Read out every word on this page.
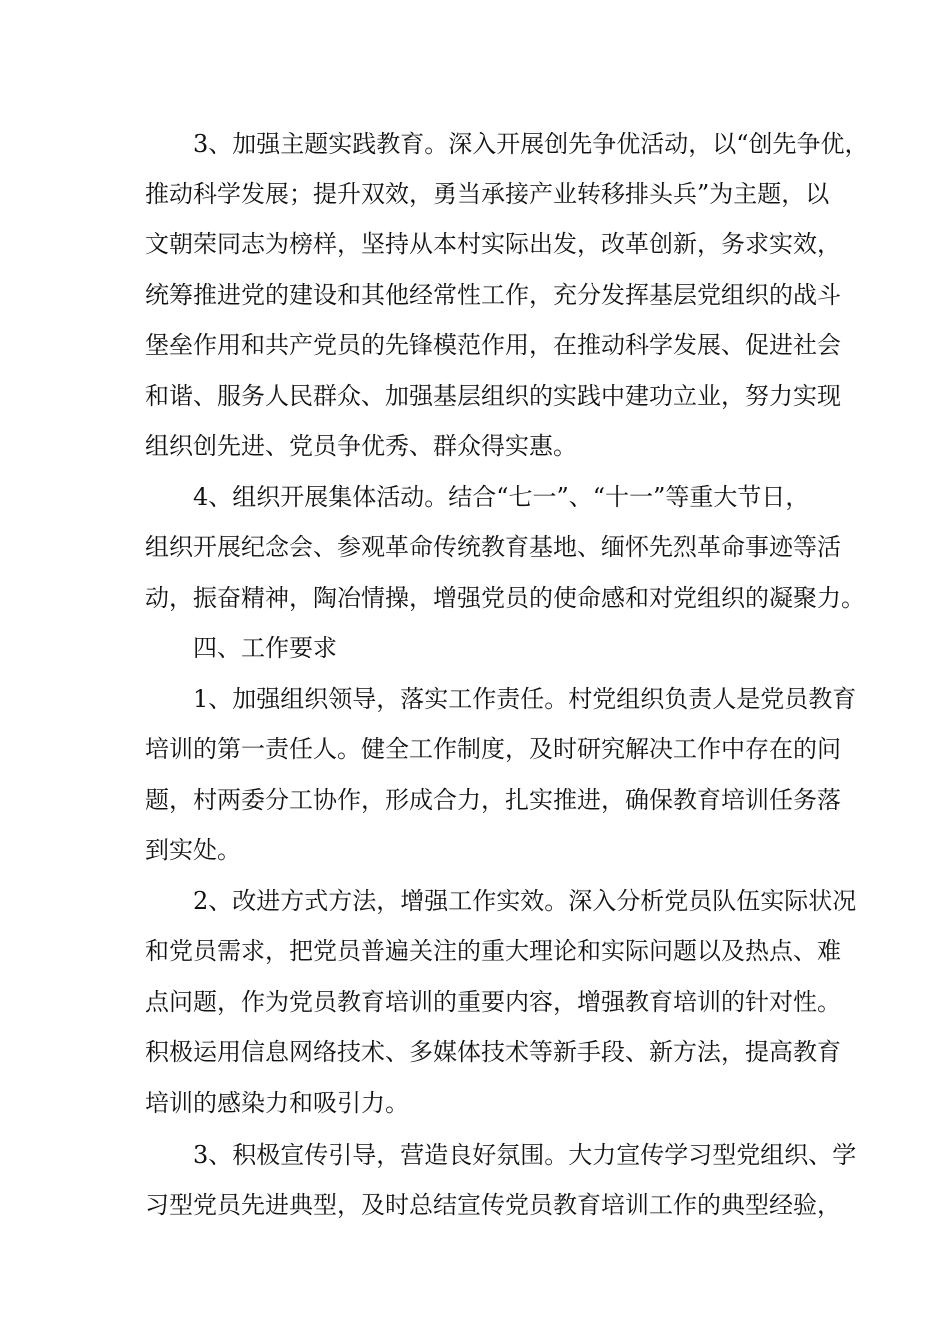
3、加强主题实践教育。深入开展创先争优活动，以“创先争优，
推动科学发展；提升双效，勇当承接产业转移排头兵”为主题，以
文朝荣同志为榜样，坚持从本村实际出发，改革创新，务求实效，
统筹推进党的建设和其他经常性工作，充分发挥基层党组织的战斗
堡垒作用和共产党员的先锋模范作用，在推动科学发展、促进社会
和谐、服务人民群众、加强基层组织的实践中建功立业，努力实现
组织创先进、党员争优秀、群众得实惠。
4、组织开展集体活动。结合“七一”、“十一”等重大节日，
组织开展纪念会、参观革命传统教育基地、缅怀先烈革命事迹等活
动，振奋精神，陶冶情操，增强党员的使命感和对党组织的凝聚力。
四、工作要求
1、加强组织领导，落实工作责任。村党组织负责人是党员教育
培训的第一责任人。健全工作制度，及时研究解决工作中存在的问
题，村两委分工协作，形成合力，扎实推进，确保教育培训任务落
到实处。
2、改进方式方法，增强工作实效。深入分析党员队伍实际状况
和党员需求，把党员普遍关注的重大理论和实际问题以及热点、难
点问题，作为党员教育培训的重要内容，增强教育培训的针对性。
积极运用信息网络技术、多媒体技术等新手段、新方法，提高教育
培训的感染力和吸引力。
3、积极宣传引导，营造良好氛围。大力宣传学习型党组织、学
习型党员先进典型，及时总结宣传党员教育培训工作的典型经验，
